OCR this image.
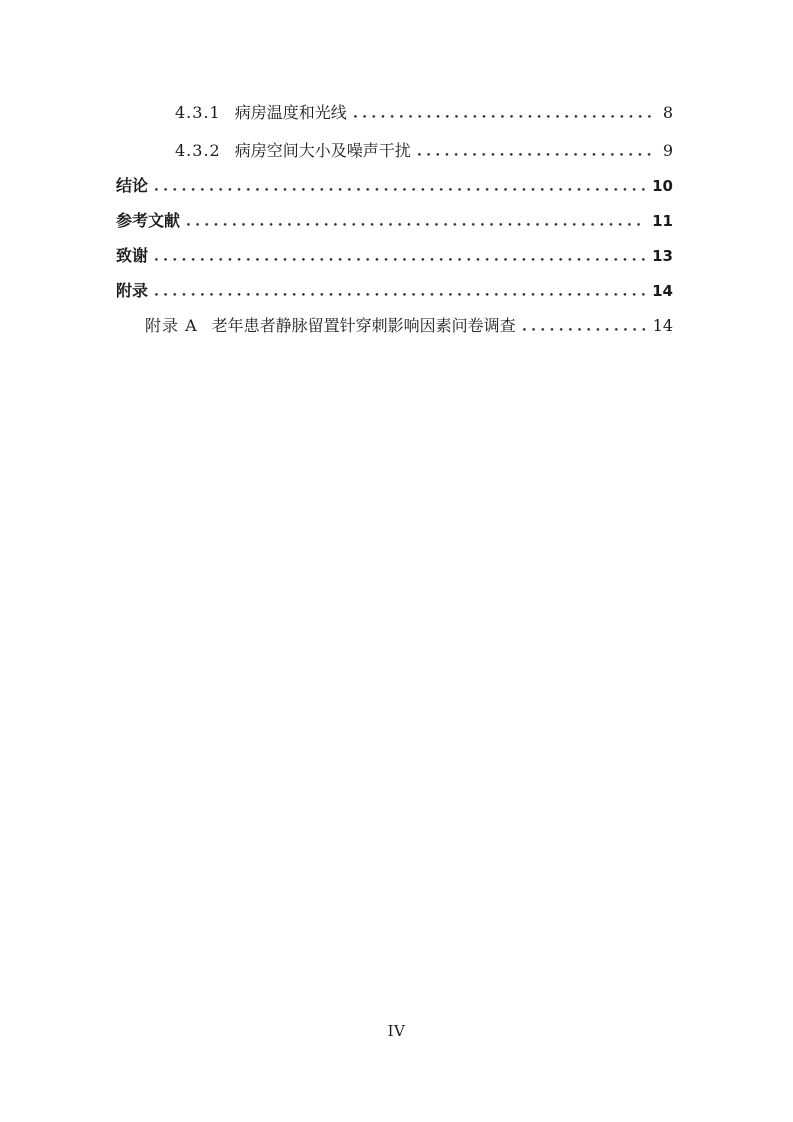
4.3.1 病房温度和光线	8
4.3.2 病房空间大小及噪声干扰	9
结论	10
参考文献	11
致谢	13
附录	14
附录 A 老年患者静脉留置针穿刺影响因素问卷调查	14
IV
